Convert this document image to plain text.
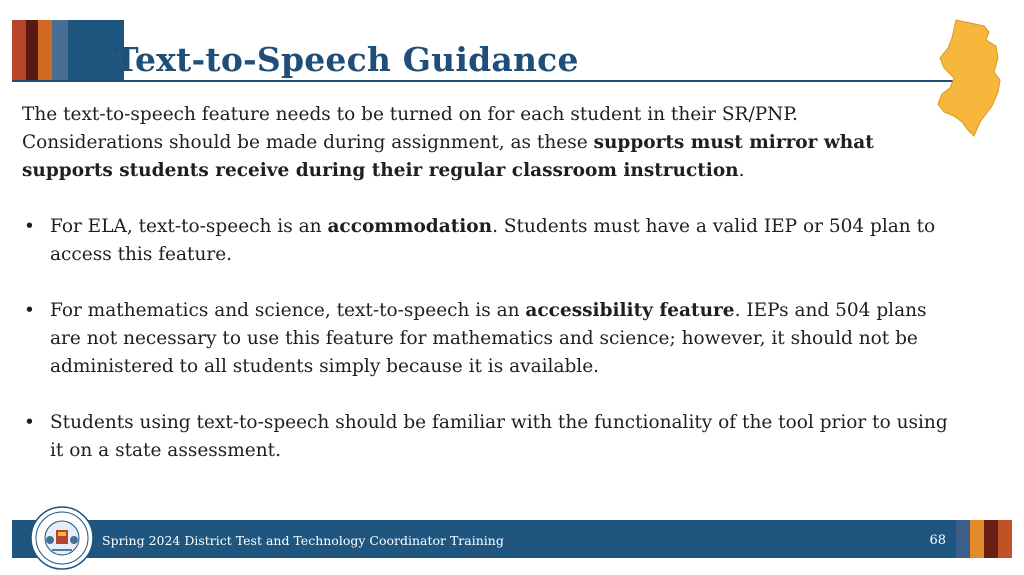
Text-to-Speech Guidance

The text-to-speech feature needs to be turned on for each student in their SR/PNP.
Considerations should be made during assignment, as these supports must mirror what supports students receive during their regular classroom instruction.

• For ELA, text-to-speech is an accommodation. Students must have a valid IEP or 504 plan to access this feature.
• For mathematics and science, text-to-speech is an accessibility feature. IEPs and 504 plans are not necessary to use this feature for mathematics and science; however, it should not be administered to all students simply because it is available.
• Students using text-to-speech should be familiar with the functionality of the tool prior to using it on a state assessment.
Spring 2024 District Test and Technology Coordinator Training	68
